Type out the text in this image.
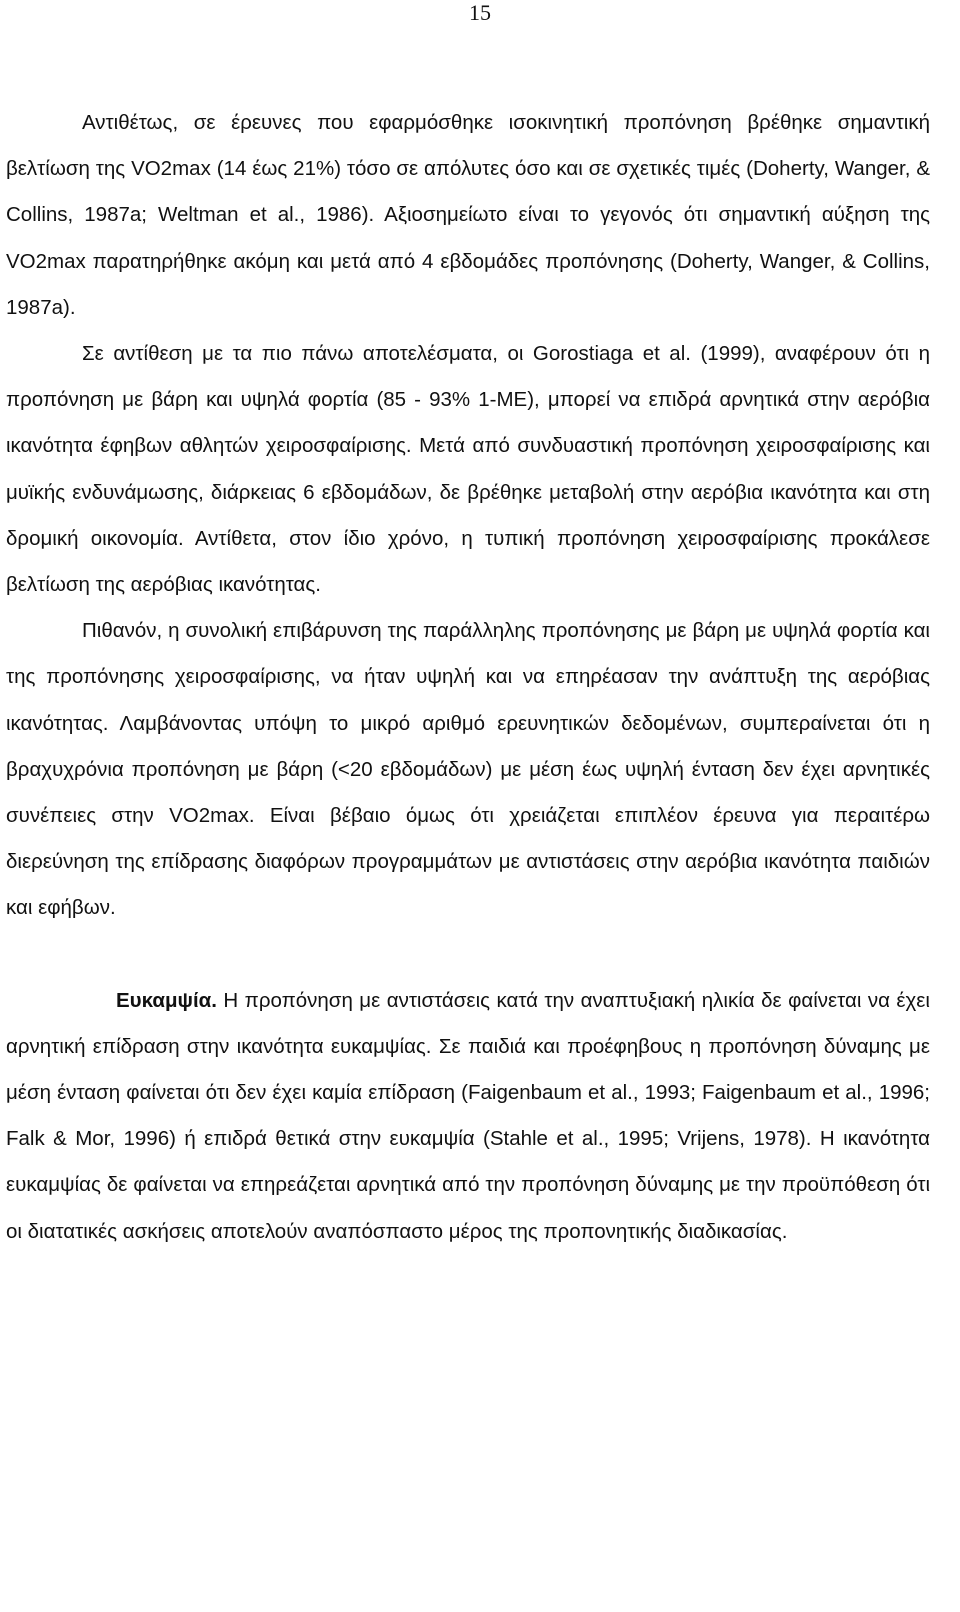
15

Αντιθέτως, σε έρευνες που εφαρμόσθηκε ισοκινητική προπόνηση βρέθηκε σημαντική βελτίωση της VO2max (14 έως 21%) τόσο σε απόλυτες όσο και σε σχετικές τιμές (Doherty, Wanger, & Collins, 1987a; Weltman et al., 1986). Αξιοσημείωτο είναι το γεγονός ότι σημαντική αύξηση της VO2max παρατηρήθηκε ακόμη και μετά από 4 εβδομάδες προπόνησης (Doherty, Wanger, & Collins, 1987a).

Σε αντίθεση με τα πιο πάνω αποτελέσματα, οι Gorostiaga et al. (1999), αναφέρουν ότι η προπόνηση με βάρη και υψηλά φορτία (85 - 93% 1-ΜΕ), μπορεί να επιδρά αρνητικά στην αερόβια ικανότητα έφηβων αθλητών χειροσφαίρισης. Μετά από συνδυαστική προπόνηση χειροσφαίρισης και μυϊκής ενδυνάμωσης, διάρκειας 6 εβδομάδων, δε βρέθηκε μεταβολή στην αερόβια ικανότητα και στη δρομική οικονομία. Αντίθετα, στον ίδιο χρόνο, η τυπική προπόνηση χειροσφαίρισης προκάλεσε βελτίωση της αερόβιας ικανότητας.

Πιθανόν, η συνολική επιβάρυνση της παράλληλης προπόνησης με βάρη με υψηλά φορτία και της προπόνησης χειροσφαίρισης, να ήταν υψηλή και να επηρέασαν την ανάπτυξη της αερόβιας ικανότητας. Λαμβάνοντας υπόψη το μικρό αριθμό ερευνητικών δεδομένων, συμπεραίνεται ότι η βραχυχρόνια προπόνηση με βάρη (<20 εβδομάδων) με μέση έως υψηλή ένταση δεν έχει αρνητικές συνέπειες στην VO2max. Είναι βέβαιο όμως ότι χρειάζεται επιπλέον έρευνα για περαιτέρω διερεύνηση της επίδρασης διαφόρων προγραμμάτων με αντιστάσεις στην αερόβια ικανότητα παιδιών και εφήβων.

Ευκαμψία. Η προπόνηση με αντιστάσεις κατά την αναπτυξιακή ηλικία δε φαίνεται να έχει αρνητική επίδραση στην ικανότητα ευκαμψίας. Σε παιδιά και προέφηβους η προπόνηση δύναμης με μέση ένταση φαίνεται ότι δεν έχει καμία επίδραση (Faigenbaum et al., 1993; Faigenbaum et al., 1996; Falk & Mor, 1996) ή επιδρά θετικά στην ευκαμψία (Stahle et al., 1995; Vrijens, 1978). Η ικανότητα ευκαμψίας δε φαίνεται να επηρεάζεται αρνητικά από την προπόνηση δύναμης με την προϋπόθεση ότι οι διατατικές ασκήσεις αποτελούν αναπόσπαστο μέρος της προπονητικής διαδικασίας.
